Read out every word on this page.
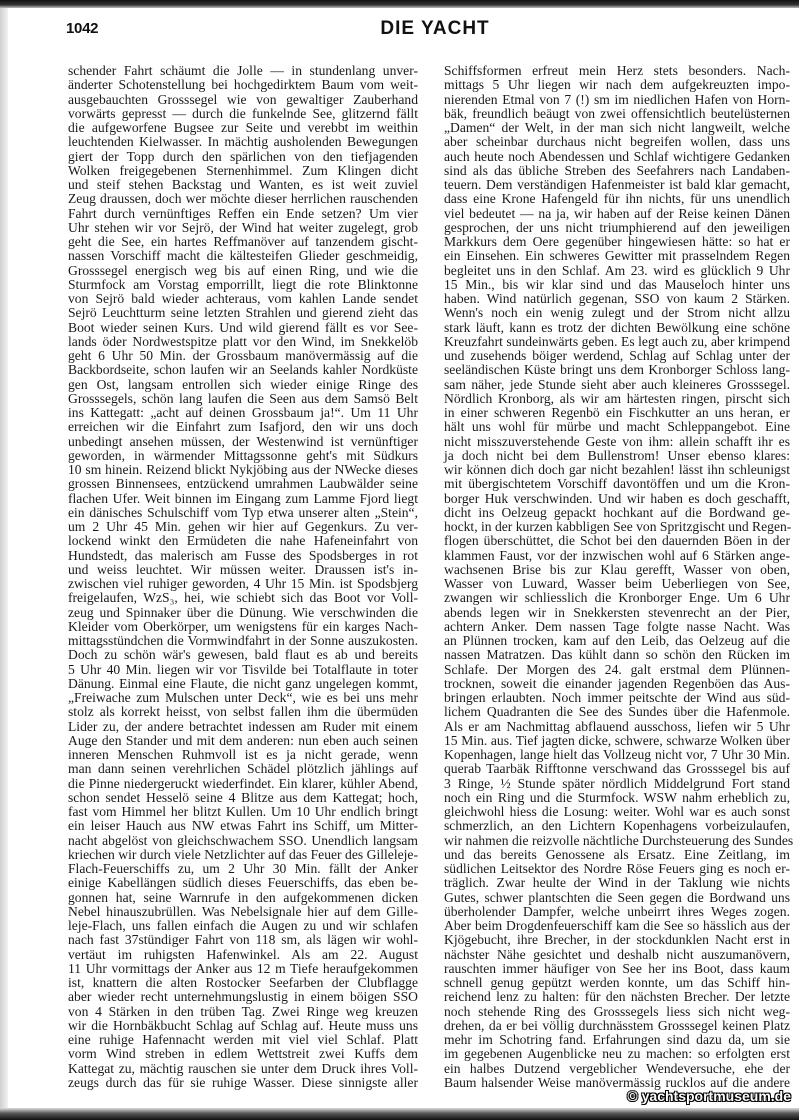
1042	DIE YACHT
schender Fahrt schäumt die Jolle — in stundenlang unver-
änderter Schotenstellung bei hochgedirktem Baum vom weit-
ausgebauchten Grosssegel wie von gewaltiger Zauberhand
vorwärts gepresst — durch die funkelnde See, glitzernd fällt
die aufgeworfene Bugsee zur Seite und verebbt im weithin
leuchtenden Kielwasser. In mächtig ausholenden Bewegungen
giert der Topp durch den spärlichen von den tiefjagenden
Wolken freigegebenen Sternenhimmel. Zum Klingen dicht
und steif stehen Backstag und Wanten, es ist weit zuviel
Zeug draussen, doch wer möchte dieser herrlichen rauschenden
Fahrt durch vernünftiges Reffen ein Ende setzen? Um vier
Uhr stehen wir vor Sejrö, der Wind hat weiter zugelegt, grob
geht die See, ein hartes Reffmanöver auf tanzendem gischt-
nassen Vorschiff macht die kältesteifen Glieder geschmeidig,
Grosssegel energisch weg bis auf einen Ring, und wie die
Sturmfock am Vorstag emporrillt, liegt die rote Blinktonne
von Sejrö bald wieder achteraus, vom kahlen Lande sendet
Sejrö Leuchtturm seine letzten Strahlen und gierend zieht das
Boot wieder seinen Kurs. Und wild gierend fällt es vor See-
lands öder Nordwestspitze platt vor den Wind, im Snekkelöb
geht 6 Uhr 50 Min. der Grossbaum manövermässig auf die
Backbordseite, schon laufen wir an Seelands kahler Nordküste
gen Ost, langsam entrollen sich wieder einige Ringe des
Grosssegels, schön lang laufen die Seen aus dem Samsö Belt
ins Kattegatt: „acht auf deinen Grossbaum ja!“. Um 11 Uhr
erreichen wir die Einfahrt zum Isafjord, den wir uns doch
unbedingt ansehen müssen, der Westenwind ist vernünftiger
geworden, in wärmender Mittagssonne geht's mit Südkurs
10 sm hinein. Reizend blickt Nykjöbing aus der NWecke dieses
grossen Binnensees, entzückend umrahmen Laubwälder seine
flachen Ufer. Weit binnen im Eingang zum Lamme Fjord liegt
ein dänisches Schulschiff vom Typ etwa unserer alten „Stein“,
um 2 Uhr 45 Min. gehen wir hier auf Gegenkurs. Zu ver-
lockend winkt den Ermüdeten die nahe Hafeneinfahrt von
Hundstedt, das malerisch am Fusse des Spodsberges in rot
und weiss leuchtet. Wir müssen weiter. Draussen ist's in-
zwischen viel ruhiger geworden, 4 Uhr 15 Min. ist Spodsbjerg
freigelaufen, WzS₃, hei, wie schiebt sich das Boot vor Voll-
zeug und Spinnaker über die Dünung. Wie verschwinden die
Kleider vom Oberkörper, um wenigstens für ein karges Nach-
mittagsstündchen die Vormwindfahrt in der Sonne auszukosten.
Doch zu schön wär's gewesen, bald flaut es ab und bereits
5 Uhr 40 Min. liegen wir vor Tisvilde bei Totalflaute in toter
Dänung. Einmal eine Flaute, die nicht ganz ungelegen kommt,
„Freiwache zum Mulschen unter Deck“, wie es bei uns mehr
stolz als korrekt heisst, von selbst fallen ihm die übermüden
Lider zu, der andere betrachtet indessen am Ruder mit einem
Auge den Stander und mit dem anderen: nun eben auch seinen
inneren Menschen Ruhmvoll ist es ja nicht gerade, wenn
man dann seinen verehrlichen Schädel plötzlich jählings auf
die Pinne niedergeruckt wiederfindet. Ein klarer, kühler Abend,
schon sendet Hesselö seine 4 Blitze aus dem Kattegat; hoch,
fast vom Himmel her blitzt Kullen. Um 10 Uhr endlich bringt
ein leiser Hauch aus NW etwas Fahrt ins Schiff, um Mitter-
nacht abgelöst von gleichschwachem SSO. Unendlich langsam
kriechen wir durch viele Netzlichter auf das Feuer des Gilleleje-
Flach-Feuerschiffs zu, um 2 Uhr 30 Min. fällt der Anker
einige Kabellängen südlich dieses Feuerschiffs, das eben be-
gonnen hat, seine Warnrufe in den aufgekommenen dicken
Nebel hinauszubrüllen. Was Nebelsignale hier auf dem Gille-
leje-Flach, uns fallen einfach die Augen zu und wir schlafen
nach fast 37stündiger Fahrt von 118 sm, als lägen wir wohl-
vertäut im ruhigsten Hafenwinkel. Als am 22. August
11 Uhr vormittags der Anker aus 12 m Tiefe heraufgekommen
ist, knattern die alten Rostocker Seefarben der Clubflagge
aber wieder recht unternehmungslustig in einem böigen SSO
von 4 Stärken in den trüben Tag. Zwei Ringe weg kreuzen
wir die Hornbäkbucht Schlag auf Schlag auf. Heute muss uns
eine ruhige Hafennacht werden mit viel viel Schlaf. Platt
vorm Wind streben in edlem Wettstreit zwei Kuffs dem
Kattegat zu, mächtig rauschen sie unter dem Druck ihres Voll-
zeugs durch das für sie ruhige Wasser. Diese sinnigste aller
Schiffsformen erfreut mein Herz stets besonders. Nach-
mittags 5 Uhr liegen wir nach dem aufgekreuzten impo-
nierenden Etmal von 7 (!) sm im niedlichen Hafen von Horn-
bäk, freundlich beäugt von zwei offensichtlich beutelüsternen
„Damen“ der Welt, in der man sich nicht langweilt, welche
aber scheinbar durchaus nicht begreifen wollen, dass uns
auch heute noch Abendessen und Schlaf wichtigere Gedanken
sind als das übliche Streben des Seefahrers nach Landaben-
teuern. Dem verständigen Hafenmeister ist bald klar gemacht,
dass eine Krone Hafengeld für ihn nichts, für uns unendlich
viel bedeutet — na ja, wir haben auf der Reise keinen Dänen
gesprochen, der uns nicht triumphierend auf den jeweiligen
Markkurs dem Oere gegenüber hingewiesen hätte: so hat er
ein Einsehen. Ein schweres Gewitter mit prasselndem Regen
begleitet uns in den Schlaf. Am 23. wird es glücklich 9 Uhr
15 Min., bis wir klar sind und das Mauseloch hinter uns
haben. Wind natürlich gegenan, SSO von kaum 2 Stärken.
Wenn's noch ein wenig zulegt und der Strom nicht allzu
stark läuft, kann es trotz der dichten Bewölkung eine schöne
Kreuzfahrt sundeinwärts geben. Es legt auch zu, aber krimpend
und zusehends böiger werdend, Schlag auf Schlag unter der
seeländischen Küste bringt uns dem Kronborger Schloss lang-
sam näher, jede Stunde sieht aber auch kleineres Grosssegel.
Nördlich Kronborg, als wir am härtesten ringen, pirscht sich
in einer schweren Regenbö ein Fischkutter an uns heran, er
hält uns wohl für mürbe und macht Schleppangebot. Eine
nicht misszuverstehende Geste von ihm: allein schafft ihr es
ja doch nicht bei dem Bullenstrom! Unser ebenso klares:
wir können dich doch gar nicht bezahlen! lässt ihn schleunigst
mit übergischtetem Vorschiff davontöffen und um die Kron-
borger Huk verschwinden. Und wir haben es doch geschafft,
dicht ins Oelzeug gepackt hochkant auf die Bordwand ge-
hockt, in der kurzen kabbligen See von Spritzgischt und Regen-
flogen überschüttet, die Schot bei den dauernden Böen in der
klammen Faust, vor der inzwischen wohl auf 6 Stärken ange-
wachsenen Brise bis zur Klau gerefft, Wasser von oben,
Wasser von Luward, Wasser beim Ueberliegen von See,
zwangen wir schliesslich die Kronborger Enge. Um 6 Uhr
abends legen wir in Snekkersten stevenrecht an der Pier,
achtern Anker. Dem nassen Tage folgte nasse Nacht. Was
an Plünnen trocken, kam auf den Leib, das Oelzeug auf die
nassen Matratzen. Das kühlt dann so schön den Rücken im
Schlafe. Der Morgen des 24. galt erstmal dem Plünnen-
trocknen, soweit die einander jagenden Regenböen das Aus-
bringen erlaubten. Noch immer peitschte der Wind aus süd-
lichem Quadranten die See des Sundes über die Hafenmole.
Als er am Nachmittag abflauend ausschoss, liefen wir 5 Uhr
15 Min. aus. Tief jagten dicke, schwere, schwarze Wolken über
Kopenhagen, lange hielt das Vollzeug nicht vor, 7 Uhr 30 Min.
querab Taarbäk Rifftonne verschwand das Grosssegel bis auf
3 Ringe, ½ Stunde später nördlich Middelgrund Fort stand
noch ein Ring und die Sturmfock. WSW nahm erheblich zu,
gleichwohl hiess die Losung: weiter. Wohl war es auch sonst
schmerzlich, an den Lichtern Kopenhagens vorbeizulaufen,
wir nahmen die reizvolle nächtliche Durchsteuerung des Sundes
und das bereits Genossene als Ersatz. Eine Zeitlang, im
südlichen Leitsektor des Nordre Röse Feuers ging es noch er-
träglich. Zwar heulte der Wind in der Taklung wie nichts
Gutes, schwer plantschten die Seen gegen die Bordwand uns
überholender Dampfer, welche unbeirrt ihres Weges zogen.
Aber beim Drogdenfeuerschiff kam die See so hässlich aus der
Kjögebucht, ihre Brecher, in der stockdunklen Nacht erst in
nächster Nähe gesichtet und deshalb nicht auszumanövern,
rauschten immer häufiger von See her ins Boot, dass kaum
schnell genug gepützt werden konnte, um das Schiff hin-
reichend lenz zu halten: für den nächsten Brecher. Der letzte
noch stehende Ring des Grosssegels liess sich nicht weg-
drehen, da er bei völlig durchnässtem Grosssegel keinen Platz
mehr im Schotring fand. Erfahrungen sind dazu da, um sie
im gegebenen Augenblicke neu zu machen: so erfolgten erst
ein halbes Dutzend vergeblicher Wendeversuche, ehe der
Baum halsender Weise manövermässig rucklos auf die andere
© yachtsportmuseum.de
